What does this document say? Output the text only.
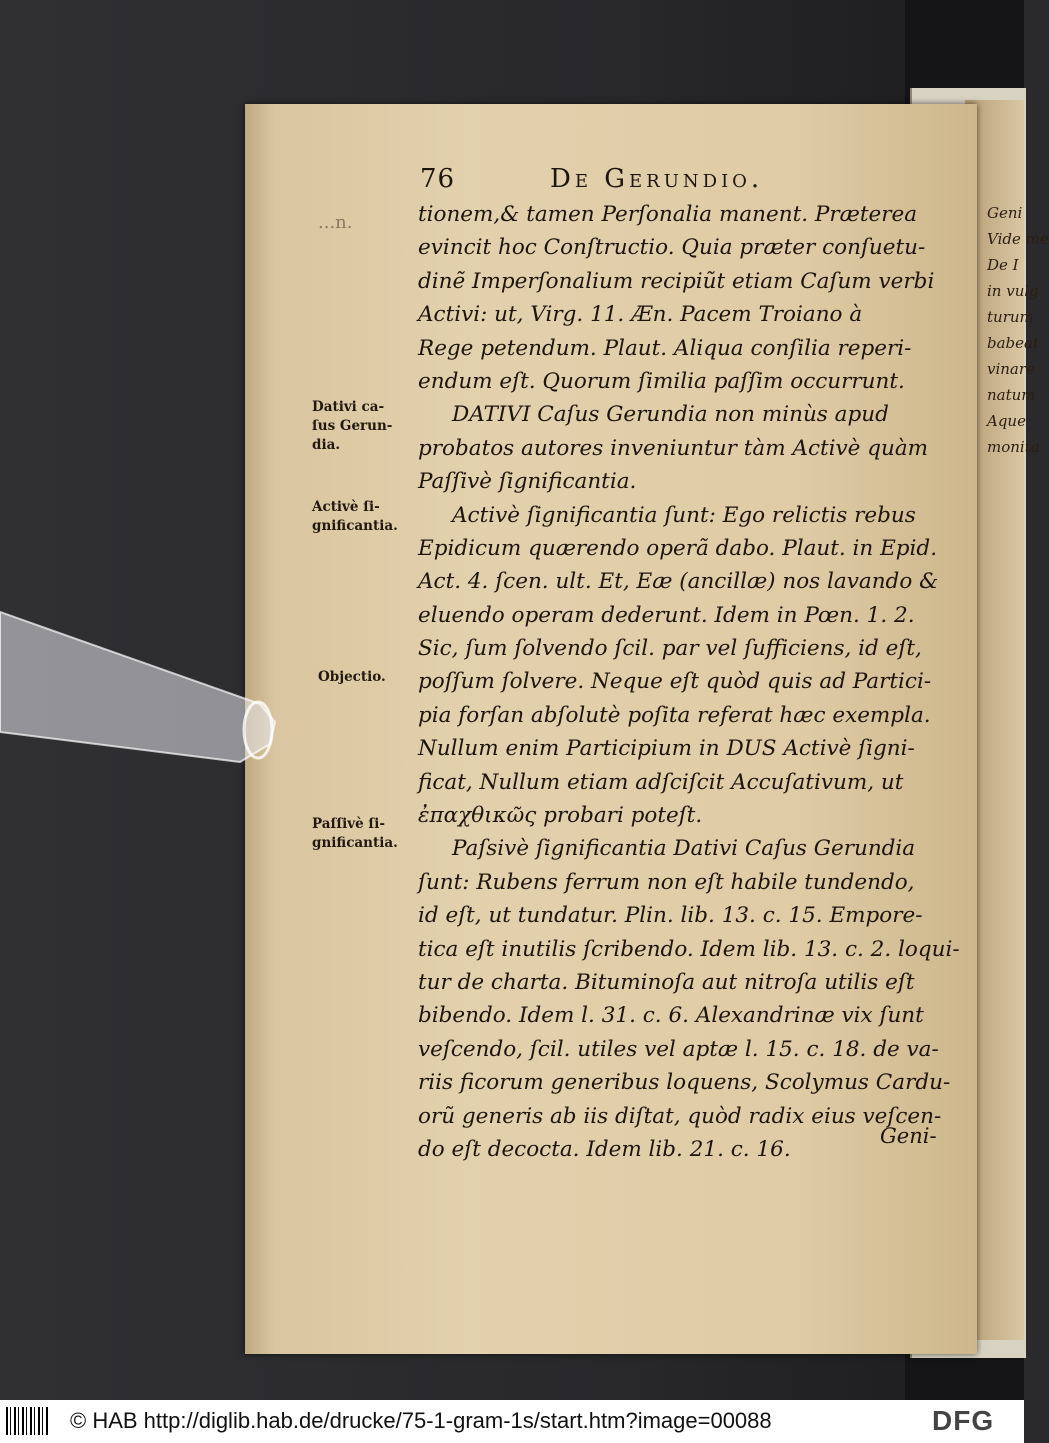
Geni
Vide me
De I
in vulg
turum
babeat
vinare
natum
Aque
monita
76	De Gerundio.
...n.	tionem,& tamen Perſonalia manent. Præterea
evincit hoc Conſtructio. Quia præter conſuetu-
dinẽ Imperſonalium recipiũt etiam Caſum verbi
Activi: ut, Virg. 11. Æn. Pacem Troiano à
Rege petendum. Plaut. Aliqua conſilia reperi-
endum eſt. Quorum ſimilia paſſim occurrunt.
DATIVI Caſus Gerundia non minùs apud
probatos autores inveniuntur tàm Activè quàm
Paſſivè ſignificantia.
Activè ſignificantia ſunt: Ego relictis rebus
Epidicum quærendo operã dabo. Plaut. in Epid.
Act. 4. ſcen. ult. Et, Eæ (ancillæ) nos lavando &
eluendo operam dederunt. Idem in Pœn. 1. 2.
Sic, ſum ſolvendo ſcil. par vel ſufficiens, id eſt,
poſſum ſolvere. Neque eſt quòd quis ad Partici-
pia forſan abſolutè poſita referat hæc exempla.
Nullum enim Participium in DUS Activè ſigni-
ficat, Nullum etiam adſciſcit Accuſativum, ut
ἐπαχθικῶς probari poteſt.
Paſsivè ſignificantia Dativi Caſus Gerundia
ſunt: Rubens ferrum non eſt habile tundendo,
id eſt, ut tundatur. Plin. lib. 13. c. 15. Empore-
tica eſt inutilis ſcribendo. Idem lib. 13. c. 2. loqui-
tur de charta. Bituminoſa aut nitroſa utilis eſt
bibendo. Idem l. 31. c. 6. Alexandrinæ vix ſunt
veſcendo, ſcil. utiles vel aptæ l. 15. c. 18. de va-
riis ficorum generibus loquens, Scolymus Cardu-
orũ generis ab iis diſtat, quòd radix eius veſcen-
do eſt decocta. Idem lib. 21. c. 16.
Dativi ca-
ſus Gerun-
dia.
Activè ſi-
gnificantia.
Objectio.
Paſſivè ſi-
gnificantia.
Geni-
© HAB http://diglib.hab.de/drucke/75-1-gram-1s/start.htm?image=00088	DFG
